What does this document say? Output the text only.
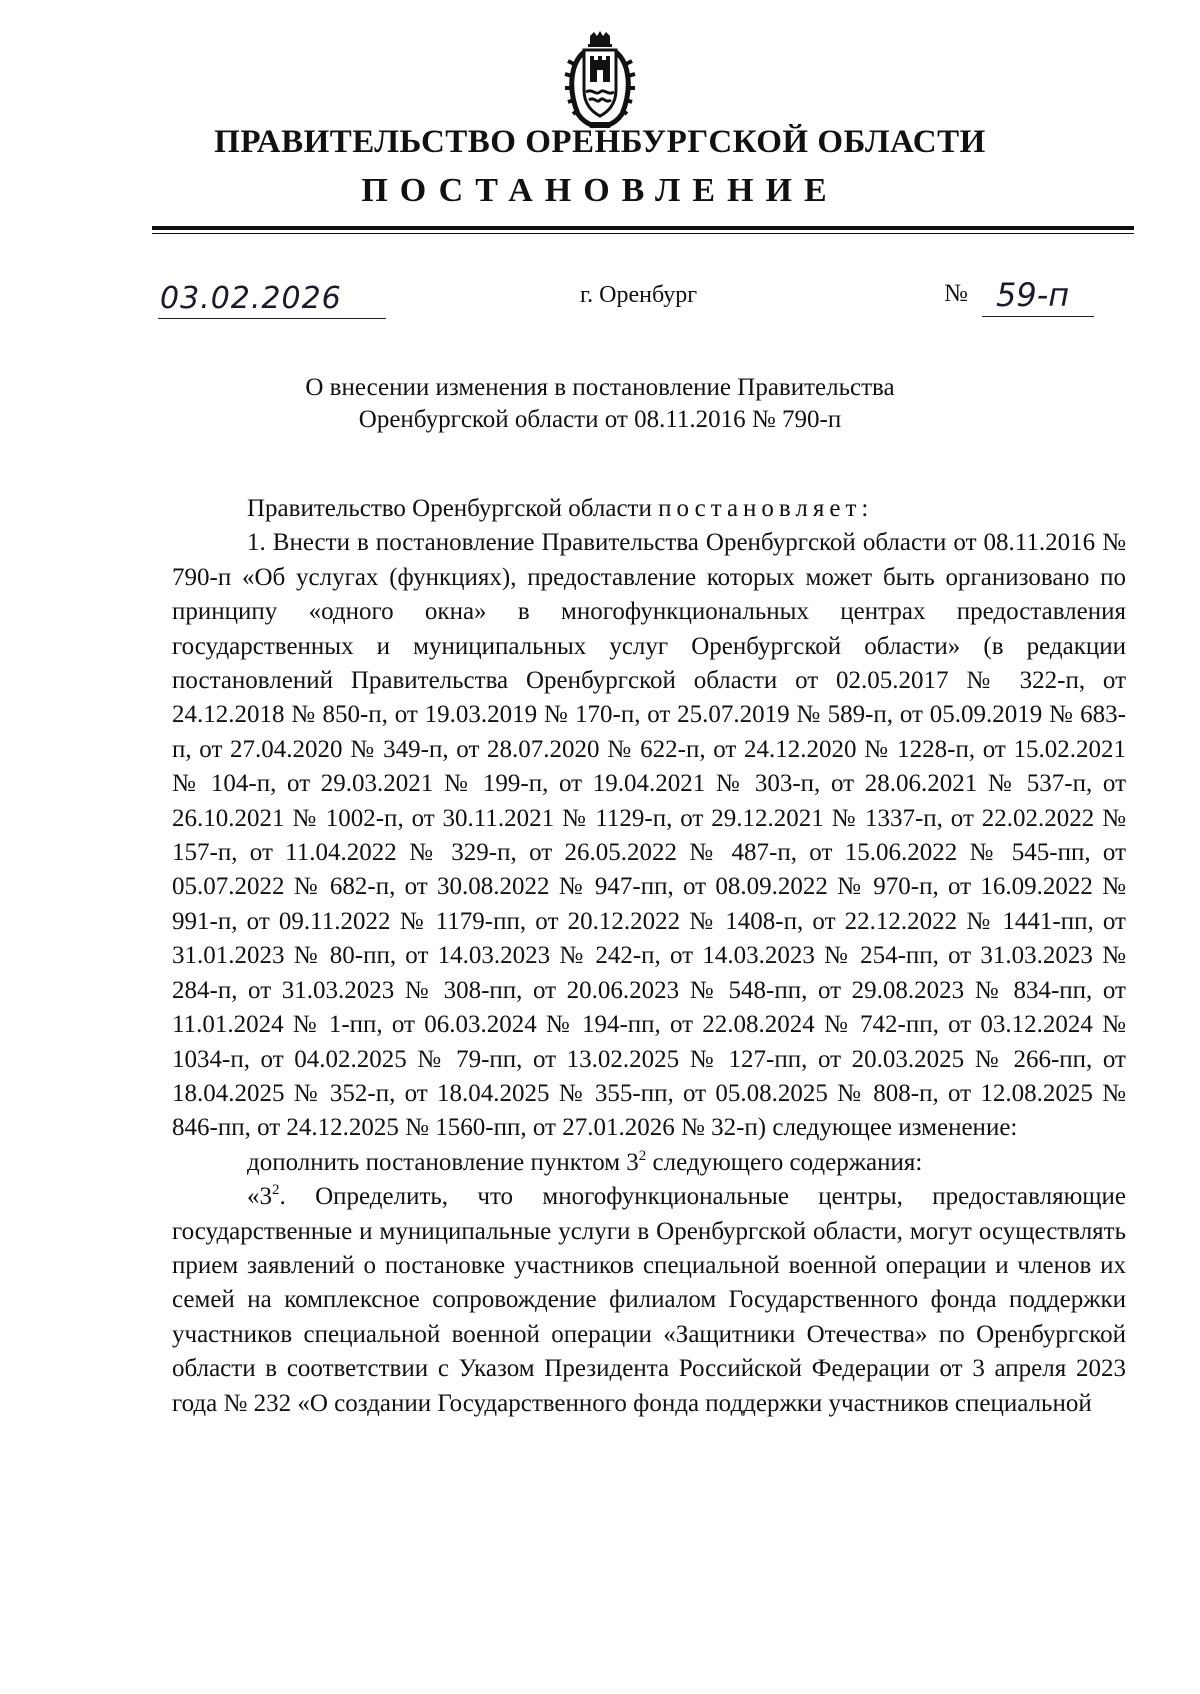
ПРАВИТЕЛЬСТВО ОРЕНБУРГСКОЙ ОБЛАСТИ
ПОСТАНОВЛЕНИЕ
03.02.2026	г. Оренбург	№ 59-п
О внесении изменения в постановление Правительства
Оренбургской области от 08.11.2016 № 790-п

Правительство Оренбургской области постановляет:

1. Внести в постановление Правительства Оренбургской области от 08.11.2016 № 790-п «Об услугах (функциях), предоставление которых может быть организовано по принципу «одного окна» в многофункциональных центрах предоставления государственных и муниципальных услуг Оренбургской области» (в редакции постановлений Правительства Оренбургской области от 02.05.2017 № 322-п, от 24.12.2018 № 850-п, от 19.03.2019 № 170-п, от 25.07.2019 № 589-п, от 05.09.2019 № 683-п, от 27.04.2020 № 349-п, от 28.07.2020 № 622-п, от 24.12.2020 № 1228-п, от 15.02.2021 № 104-п, от 29.03.2021 № 199-п, от 19.04.2021 № 303-п, от 28.06.2021 № 537-п, от 26.10.2021 № 1002-п, от 30.11.2021 № 1129-п, от 29.12.2021 № 1337-п, от 22.02.2022 № 157-п, от 11.04.2022 № 329-п, от 26.05.2022 № 487-п, от 15.06.2022 № 545-пп, от 05.07.2022 № 682-п, от 30.08.2022 № 947-пп, от 08.09.2022 № 970-п, от 16.09.2022 № 991-п, от 09.11.2022 № 1179-пп, от 20.12.2022 № 1408-п, от 22.12.2022 № 1441-пп, от 31.01.2023 № 80-пп, от 14.03.2023 № 242-п, от 14.03.2023 № 254-пп, от 31.03.2023 № 284-п, от 31.03.2023 № 308-пп, от 20.06.2023 № 548-пп, от 29.08.2023 № 834-пп, от 11.01.2024 № 1-пп, от 06.03.2024 № 194-пп, от 22.08.2024 № 742-пп, от 03.12.2024 № 1034-п, от 04.02.2025 № 79-пп, от 13.02.2025 № 127-пп, от 20.03.2025 № 266-пп, от 18.04.2025 № 352-п, от 18.04.2025 № 355-пп, от 05.08.2025 № 808-п, от 12.08.2025 № 846-пп, от 24.12.2025 № 1560-пп, от 27.01.2026 № 32-п) следующее изменение:

дополнить постановление пунктом $3^2$ следующего содержания:

«$3^2$. Определить, что многофункциональные центры, предоставляющие государственные и муниципальные услуги в Оренбургской области, могут осуществлять прием заявлений о постановке участников специальной военной операции и членов их семей на комплексное сопровождение филиалом Государственного фонда поддержки участников специальной военной операции «Защитники Отечества» по Оренбургской области в соответствии с Указом Президента Российской Федерации от 3 апреля 2023 года № 232 «О создании Государственного фонда поддержки участников специальной
